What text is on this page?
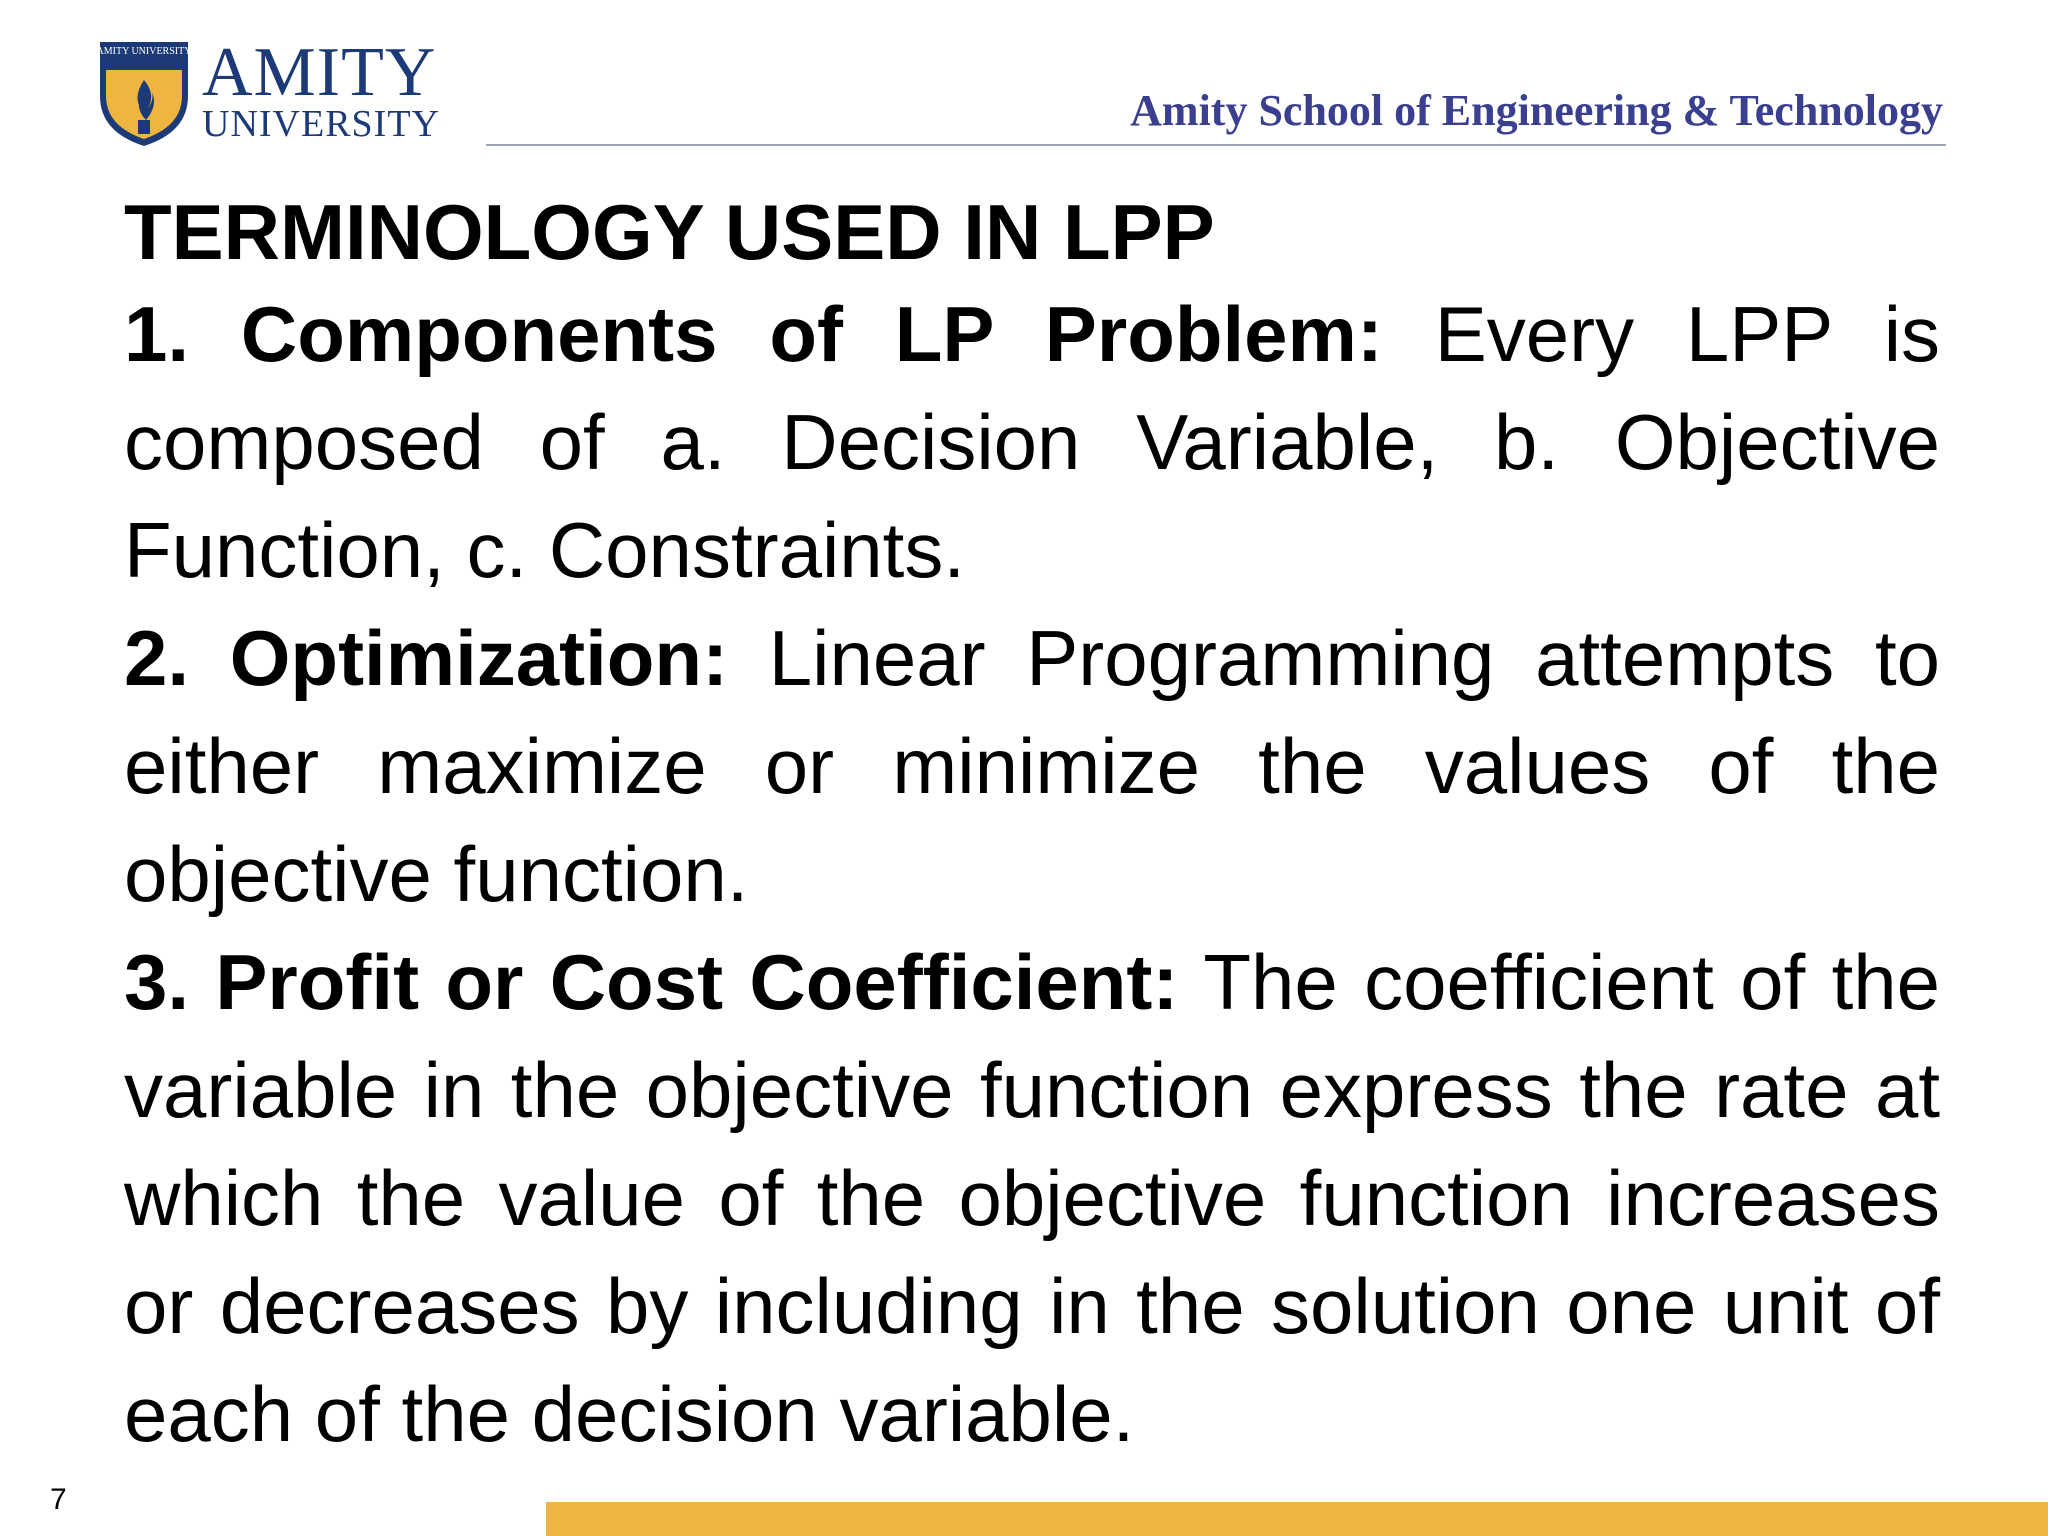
AMITY UNIVERSITY AMITY
UNIVERSITY	Amity School of Engineering & Technology
TERMINOLOGY USED IN LPP

1. Components of LP Problem: Every LPP is composed of a. Decision Variable, b. Objective Function, c. Constraints.

2. Optimization: Linear Programming attempts to either maximize or minimize the values of the objective function.

3. Profit or Cost Coefficient: The coefficient of the variable in the objective function express the rate at which the value of the objective function increases or decreases by including in the solution one unit of each of the decision variable.

7
